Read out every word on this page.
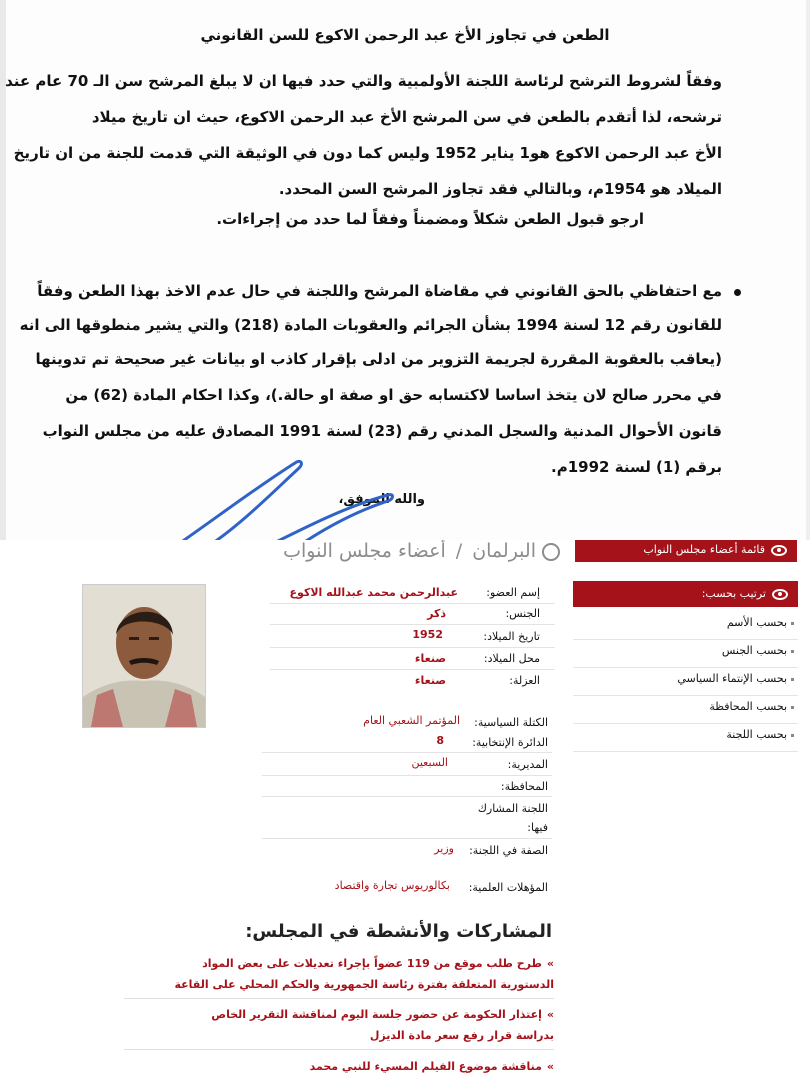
الطعن في تجاوز الأخ عبد الرحمن الاكوع للسن القانوني
وفقاً لشروط الترشح لرئاسة اللجنة الأولمبية والتي حدد فيها ان لا يبلغ المرشح سن الـ 70 عام عند
ترشحه، لذا أتقدم بالطعن في سن المرشح الأخ عبد الرحمن الاكوع، حيث ان تاريخ ميلاد
الأخ عبد الرحمن الاكوع هو1 يناير 1952 وليس كما دون في الوثيقة التي قدمت للجنة من ان تاريخ
الميلاد هو 1954م، وبالتالي فقد تجاوز المرشح السن المحدد.
ارجو قبول الطعن شكلاً ومضمناً وفقاً لما حدد من إجراءات.
مع احتفاظي بالحق القانوني في مقاضاة المرشح واللجنة في حال عدم الاخذ بهذا الطعن وفقاً
للقانون رقم 12 لسنة 1994 بشأن الجرائم والعقوبات المادة (218) والتي يشير منطوقها الى انه
(يعاقب بالعقوبة المقررة لجريمة التزوير من ادلى بإقرار كاذب او بيانات غير صحيحة تم تدوينها
في محرر صالح لان يتخذ اساسا لاكتسابه حق او صفة او حالة.)، وكذا احكام المادة (62) من
قانون الأحوال المدنية والسجل المدني رقم (23) لسنة 1991 المصادق عليه من مجلس النواب
برقم (1) لسنة 1992م.
والله الموفق،
البرلمان/أعضاء مجلس النواب	قائمة أعضاء مجلس النواب
ترتيب بحسب:
بحسب الأسم
بحسب الجنس
بحسب الإنتماء السياسي
بحسب المحافظة
بحسب اللجنة
إسم العضو:
عبدالرحمن محمد عبدالله الاكوع
الجنس:
ذكر
تاريخ الميلاد:
1952
محل الميلاد:
صنعاء
العزلة:
صنعاء
الكتلة السياسية:
المؤتمر الشعبي العام
الدائرة الإنتخابية:
8
المديرية:
السبعين
المحافظة:
اللجنة المشارك
فيها:
الصفة في اللجنة:
وزير
المؤهلات العلمية:
بكالوريوس تجارة واقتصاد
المشاركات والأنشطة في المجلس:
»طرح طلب موقع من 119 عضواً بإجراء تعديلات على بعض المواد
الدستورية المتعلقة بفترة رئاسة الجمهورية والحكم المحلي على القاعة
»إعتذار الحكومة عن حضور جلسة اليوم لمناقشة التقرير الخاص
بدراسة قرار رفع سعر مادة الديزل
»مناقشة موضوع الفيلم المسيء للنبي محمد
